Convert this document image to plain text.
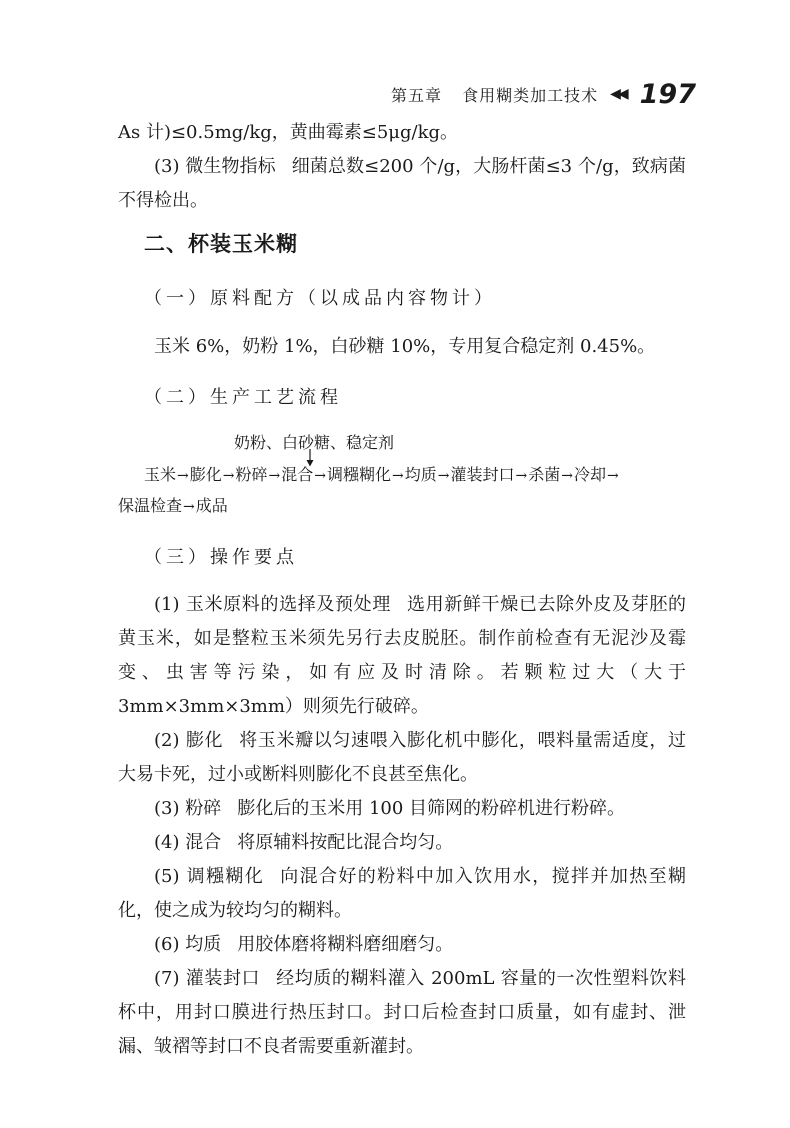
第五章 食用糊类加工技术 ◀◀ 197

As 计)≤0.5mg/kg，黄曲霉素≤5μg/kg。

(3) 微生物指标 细菌总数≤200 个/g，大肠杆菌≤3 个/g，致病菌不得检出。

二、杯装玉米糊
（一）原料配方（以成品内容物计）

玉米 6%，奶粉 1%，白砂糖 10%，专用复合稳定剂 0.45%。

（二）生产工艺流程
奶粉、白砂糖、稳定剂
玉米→膨化→粉碎→混合→调糨糊化→均质→灌装封口→杀菌→冷却→
保温检查→成品
（三）操作要点

(1) 玉米原料的选择及预处理 选用新鲜干燥已去除外皮及芽胚的黄玉米，如是整粒玉米须先另行去皮脱胚。制作前检查有无泥沙及霉变、虫害等污染，如有应及时清除。若颗粒过大（大于3mm×3mm×3mm）则须先行破碎。

(2) 膨化 将玉米瓣以匀速喂入膨化机中膨化，喂料量需适度，过大易卡死，过小或断料则膨化不良甚至焦化。

(3) 粉碎 膨化后的玉米用 100 目筛网的粉碎机进行粉碎。

(4) 混合 将原辅料按配比混合均匀。

(5) 调糨糊化 向混合好的粉料中加入饮用水，搅拌并加热至糊化，使之成为较均匀的糊料。

(6) 均质 用胶体磨将糊料磨细磨匀。

(7) 灌装封口 经均质的糊料灌入 200mL 容量的一次性塑料饮料杯中，用封口膜进行热压封口。封口后检查封口质量，如有虚封、泄漏、皱褶等封口不良者需要重新灌封。
